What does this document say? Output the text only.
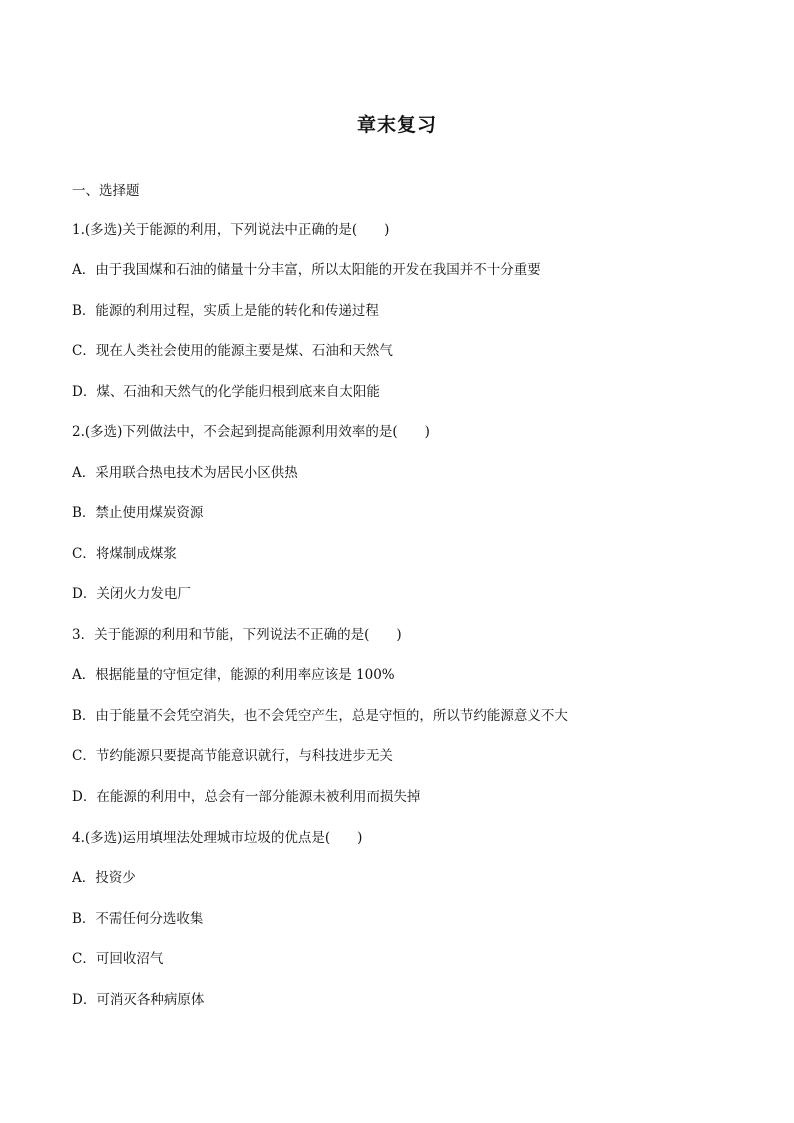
章末复习
一、选择题
1.(多选)关于能源的利用，下列说法中正确的是(　　)
A．由于我国煤和石油的储量十分丰富，所以太阳能的开发在我国并不十分重要
B．能源的利用过程，实质上是能的转化和传递过程
C．现在人类社会使用的能源主要是煤、石油和天然气
D．煤、石油和天然气的化学能归根到底来自太阳能
2.(多选)下列做法中，不会起到提高能源利用效率的是(　　)
A．采用联合热电技术为居民小区供热
B．禁止使用煤炭资源
C．将煤制成煤浆
D．关闭火力发电厂
3．关于能源的利用和节能，下列说法不正确的是(　　)
A．根据能量的守恒定律，能源的利用率应该是 100%
B．由于能量不会凭空消失，也不会凭空产生，总是守恒的，所以节约能源意义不大
C．节约能源只要提高节能意识就行，与科技进步无关
D．在能源的利用中，总会有一部分能源未被利用而损失掉
4.(多选)运用填埋法处理城市垃圾的优点是(　　)
A．投资少
B．不需任何分选收集
C．可回收沼气
D．可消灭各种病原体
